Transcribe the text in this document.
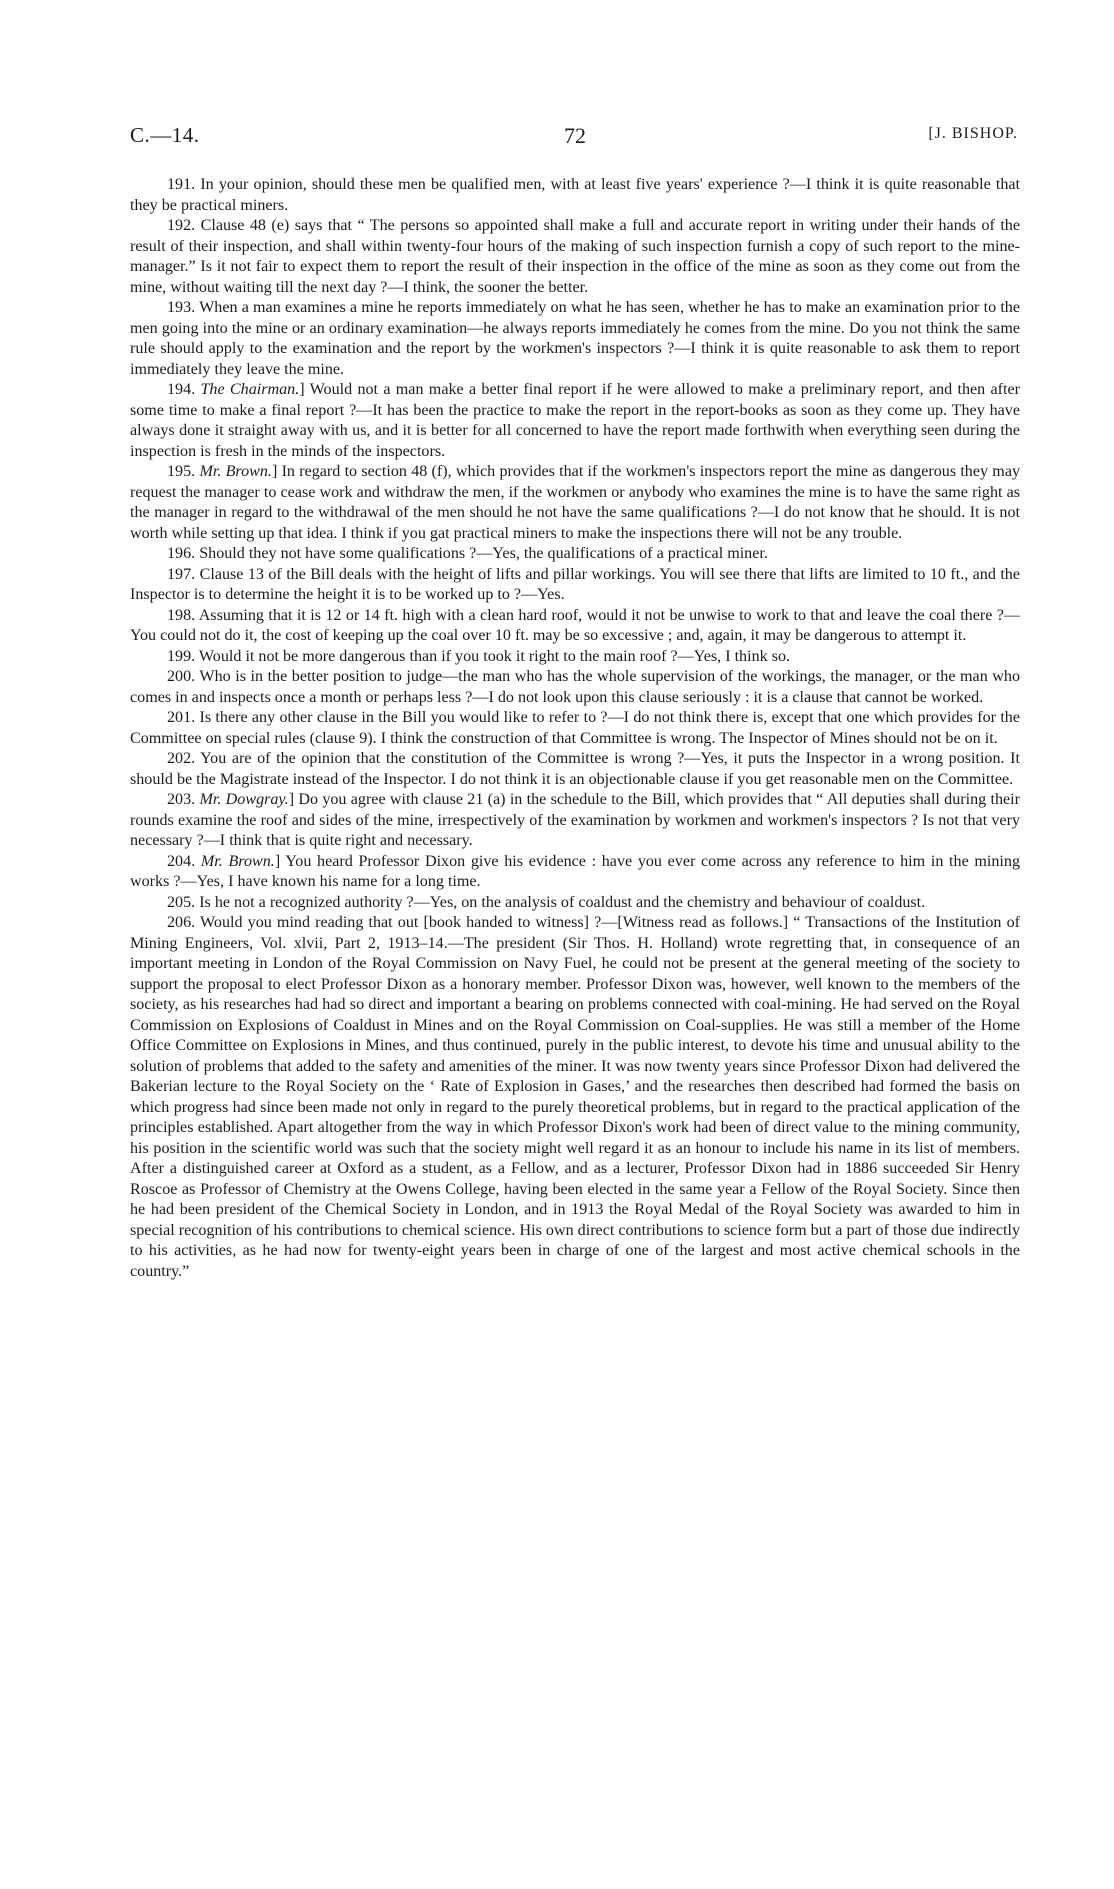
C.—14.	72	[J. BISHOP.

191. In your opinion, should these men be qualified men, with at least five years' experience ?—I think it is quite reasonable that they be practical miners.

192. Clause 48 (e) says that “ The persons so appointed shall make a full and accurate report in writing under their hands of the result of their inspection, and shall within twenty-four hours of the making of such inspection furnish a copy of such report to the mine-manager.” Is it not fair to expect them to report the result of their inspection in the office of the mine as soon as they come out from the mine, without waiting till the next day ?—I think, the sooner the better.

193. When a man examines a mine he reports immediately on what he has seen, whether he has to make an examination prior to the men going into the mine or an ordinary examination—he always reports immediately he comes from the mine. Do you not think the same rule should apply to the examination and the report by the workmen's inspectors ?—I think it is quite reasonable to ask them to report immediately they leave the mine.

194. The Chairman.] Would not a man make a better final report if he were allowed to make a preliminary report, and then after some time to make a final report ?—It has been the practice to make the report in the report-books as soon as they come up. They have always done it straight away with us, and it is better for all concerned to have the report made forthwith when everything seen during the inspection is fresh in the minds of the inspectors.

195. Mr. Brown.] In regard to section 48 (f), which provides that if the workmen's inspectors report the mine as dangerous they may request the manager to cease work and withdraw the men, if the workmen or anybody who examines the mine is to have the same right as the manager in regard to the withdrawal of the men should he not have the same qualifications ?—I do not know that he should. It is not worth while setting up that idea. I think if you gat practical miners to make the inspections there will not be any trouble.

196. Should they not have some qualifications ?—Yes, the qualifications of a practical miner.

197. Clause 13 of the Bill deals with the height of lifts and pillar workings. You will see there that lifts are limited to 10 ft., and the Inspector is to determine the height it is to be worked up to ?—Yes.

198. Assuming that it is 12 or 14 ft. high with a clean hard roof, would it not be unwise to work to that and leave the coal there ?—You could not do it, the cost of keeping up the coal over 10 ft. may be so excessive ; and, again, it may be dangerous to attempt it.

199. Would it not be more dangerous than if you took it right to the main roof ?—Yes, I think so.

200. Who is in the better position to judge—the man who has the whole supervision of the workings, the manager, or the man who comes in and inspects once a month or perhaps less ?—I do not look upon this clause seriously : it is a clause that cannot be worked.

201. Is there any other clause in the Bill you would like to refer to ?—I do not think there is, except that one which provides for the Committee on special rules (clause 9). I think the construction of that Committee is wrong. The Inspector of Mines should not be on it.

202. You are of the opinion that the constitution of the Committee is wrong ?—Yes, it puts the Inspector in a wrong position. It should be the Magistrate instead of the Inspector. I do not think it is an objectionable clause if you get reasonable men on the Committee.

203. Mr. Dowgray.] Do you agree with clause 21 (a) in the schedule to the Bill, which provides that “ All deputies shall during their rounds examine the roof and sides of the mine, irrespectively of the examination by workmen and workmen's inspectors ? Is not that very necessary ?—I think that is quite right and necessary.

204. Mr. Brown.] You heard Professor Dixon give his evidence : have you ever come across any reference to him in the mining works ?—Yes, I have known his name for a long time.

205. Is he not a recognized authority ?—Yes, on the analysis of coaldust and the chemistry and behaviour of coaldust.

206. Would you mind reading that out [book handed to witness] ?—[Witness read as follows.] “ Transactions of the Institution of Mining Engineers, Vol. xlvii, Part 2, 1913–14.—The president (Sir Thos. H. Holland) wrote regretting that, in consequence of an important meeting in London of the Royal Commission on Navy Fuel, he could not be present at the general meeting of the society to support the proposal to elect Professor Dixon as a honorary member. Professor Dixon was, however, well known to the members of the society, as his researches had had so direct and important a bearing on problems connected with coal-mining. He had served on the Royal Commission on Explosions of Coaldust in Mines and on the Royal Commission on Coal-supplies. He was still a member of the Home Office Committee on Explosions in Mines, and thus continued, purely in the public interest, to devote his time and unusual ability to the solution of problems that added to the safety and amenities of the miner. It was now twenty years since Professor Dixon had delivered the Bakerian lecture to the Royal Society on the ‘ Rate of Explosion in Gases,’ and the researches then described had formed the basis on which progress had since been made not only in regard to the purely theoretical problems, but in regard to the practical application of the principles established. Apart altogether from the way in which Professor Dixon's work had been of direct value to the mining community, his position in the scientific world was such that the society might well regard it as an honour to include his name in its list of members. After a distinguished career at Oxford as a student, as a Fellow, and as a lecturer, Professor Dixon had in 1886 succeeded Sir Henry Roscoe as Professor of Chemistry at the Owens College, having been elected in the same year a Fellow of the Royal Society. Since then he had been president of the Chemical Society in London, and in 1913 the Royal Medal of the Royal Society was awarded to him in special recognition of his contributions to chemical science. His own direct contributions to science form but a part of those due indirectly to his activities, as he had now for twenty-eight years been in charge of one of the largest and most active chemical schools in the country.”
